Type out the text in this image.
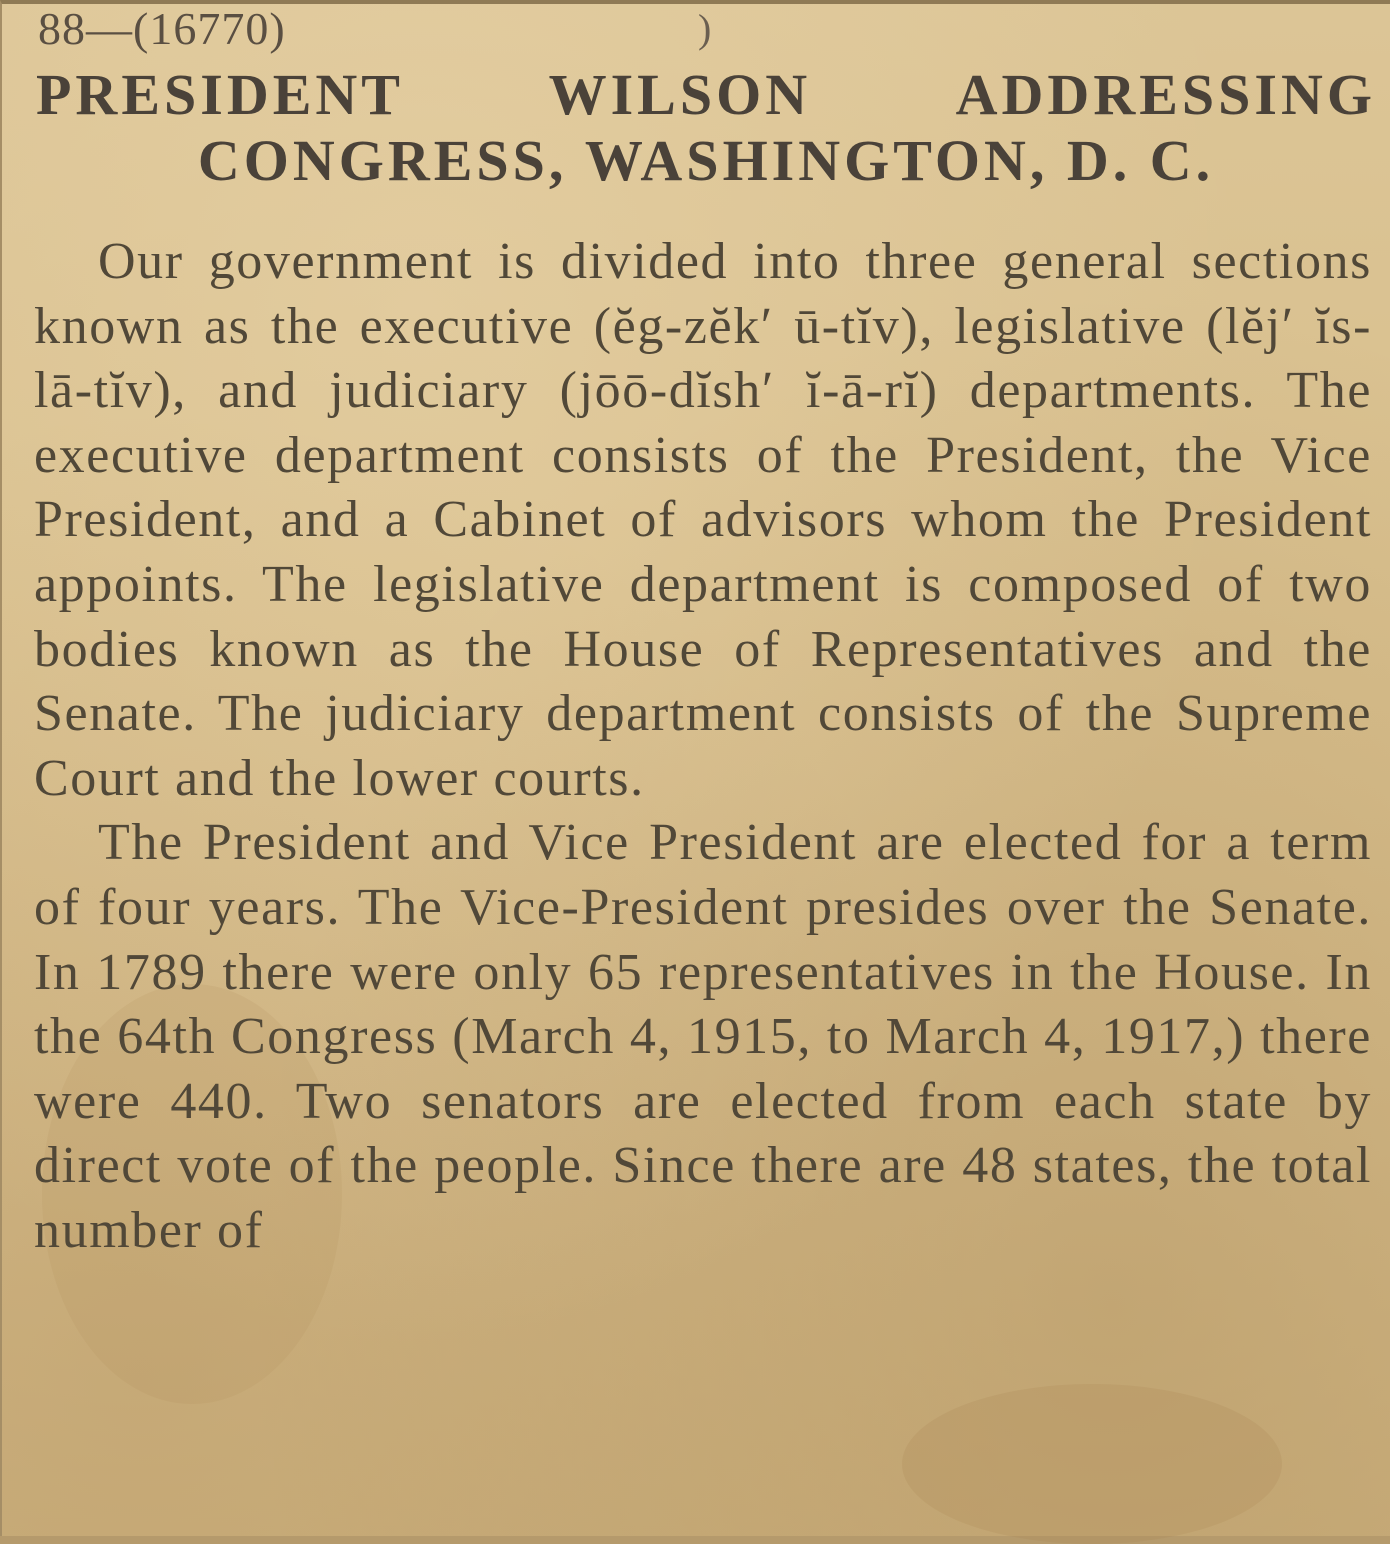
88—(16770)	)
PRESIDENT WILSON ADDRESSING
CONGRESS, WASHINGTON, D. C.

Our government is divided into three general sections known as the executive (ĕg-zĕk′ ū-tĭv), legislative (lĕj′ ĭs-lā-tĭv), and judiciary (jōō-dĭsh′ ĭ-ā-rĭ) departments. The executive department consists of the President, the Vice President, and a Cabinet of advisors whom the President appoints. The legislative department is composed of two bodies known as the House of Representatives and the Senate. The judiciary department consists of the Supreme Court and the lower courts.

The President and Vice President are elected for a term of four years. The Vice-President presides over the Senate. In 1789 there were only 65 representatives in the House. In the 64th Congress (March 4, 1915, to March 4, 1917,) there were 440. Two senators are elected from each state by direct vote of the people. Since there are 48 states, the total number of
